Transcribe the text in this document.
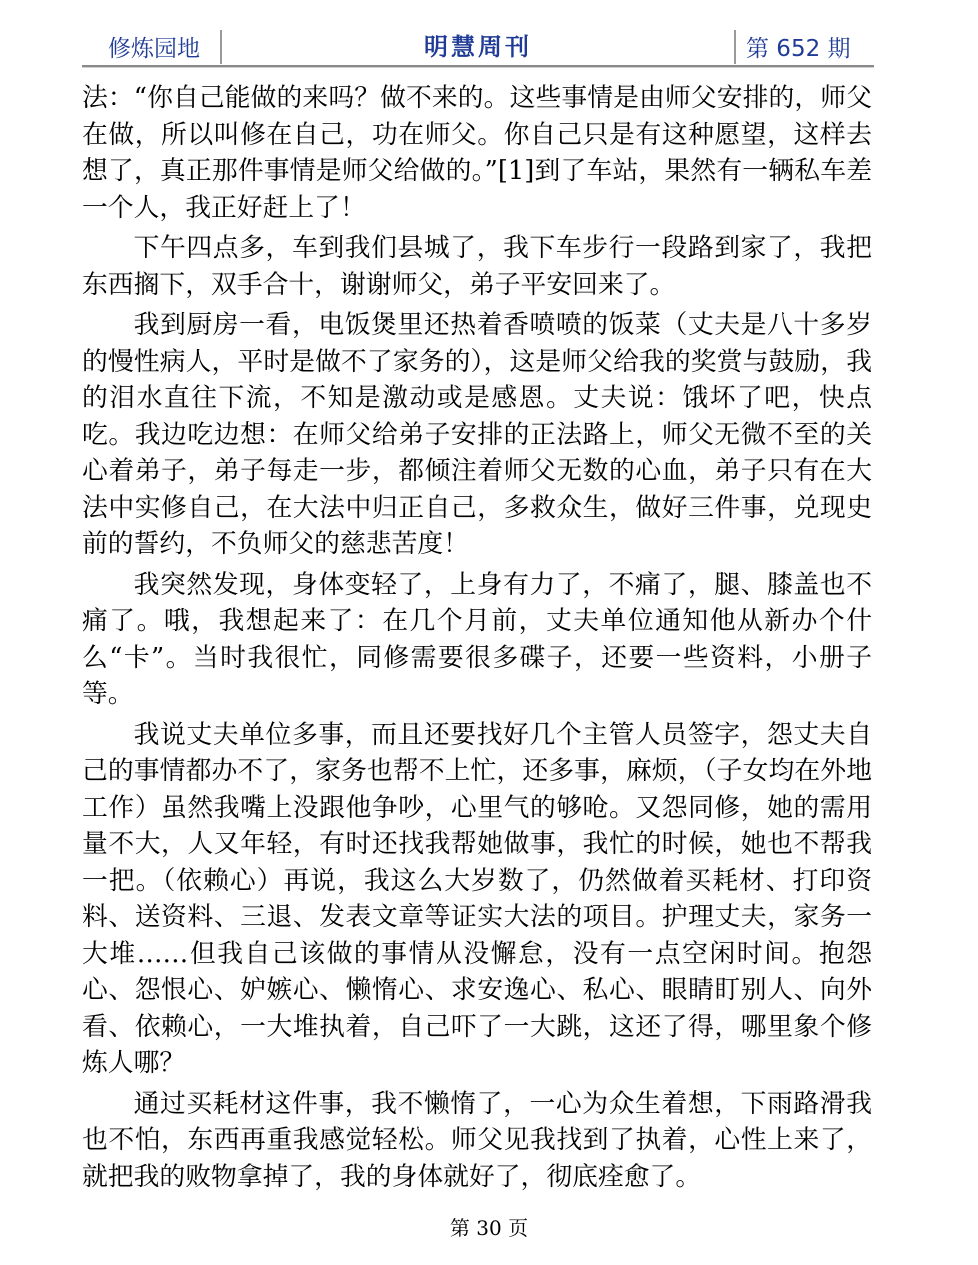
修炼园地	明慧周刊	第 652 期

法：“你自己能做的来吗？做不来的。这些事情是由师父安排的，师父在做，所以叫修在自己，功在师父。你自己只是有这种愿望，这样去想了，真正那件事情是师父给做的。”[1]到了车站，果然有一辆私车差一个人，我正好赶上了！

下午四点多，车到我们县城了，我下车步行一段路到家了，我把东西搁下，双手合十，谢谢师父，弟子平安回来了。

我到厨房一看，电饭煲里还热着香喷喷的饭菜（丈夫是八十多岁的慢性病人，平时是做不了家务的），这是师父给我的奖赏与鼓励，我的泪水直往下流，不知是激动或是感恩。丈夫说：饿坏了吧，快点吃。我边吃边想：在师父给弟子安排的正法路上，师父无微不至的关心着弟子，弟子每走一步，都倾注着师父无数的心血，弟子只有在大法中实修自己，在大法中归正自己，多救众生，做好三件事，兑现史前的誓约，不负师父的慈悲苦度！

我突然发现，身体变轻了，上身有力了，不痛了，腿、膝盖也不痛了。哦，我想起来了：在几个月前，丈夫单位通知他从新办个什么“卡”。当时我很忙，同修需要很多碟子，还要一些资料，小册子等。

我说丈夫单位多事，而且还要找好几个主管人员签字，怨丈夫自己的事情都办不了，家务也帮不上忙，还多事，麻烦，（子女均在外地工作）虽然我嘴上没跟他争吵，心里气的够呛。又怨同修，她的需用量不大，人又年轻，有时还找我帮她做事，我忙的时候，她也不帮我一把。（依赖心）再说，我这么大岁数了，仍然做着买耗材、打印资料、送资料、三退、发表文章等证实大法的项目。护理丈夫，家务一大堆……但我自己该做的事情从没懈怠，没有一点空闲时间。抱怨心、怨恨心、妒嫉心、懒惰心、求安逸心、私心、眼睛盯别人、向外看、依赖心，一大堆执着，自己吓了一大跳，这还了得，哪里象个修炼人哪？

通过买耗材这件事，我不懒惰了，一心为众生着想，下雨路滑我也不怕，东西再重我感觉轻松。师父见我找到了执着，心性上来了，就把我的败物拿掉了，我的身体就好了，彻底痊愈了。

第 30 页
